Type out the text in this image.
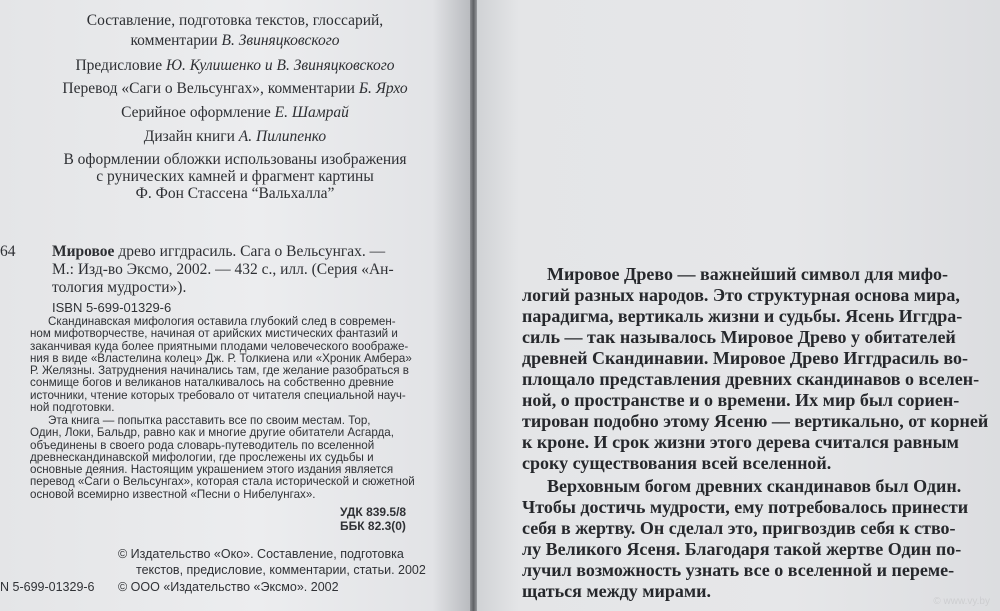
Составление, подготовка текстов, глоссарий,
комментарии В. Звиняцковского
Предисловие Ю. Кулишенко и В. Звиняцковского
Перевод «Саги о Вельсунгах», комментарии Б. Ярхо
Серийное оформление Е. Шамрай
Дизайн книги А. Пилипенко
В оформлении обложки использованы изображения
с рунических камней и фрагмент картины
Ф. Фон Стассена “Вальхалла”
64 Мировое древо иггдрасиль. Сага о Вельсунгах. —
М.: Изд-во Эксмо, 2002. — 432 с., илл. (Серия «Ан-
тология мудрости»).
ISBN 5-699-01329-6
Скандинавская мифология оставила глубокий след в современ-
ном мифотворчестве, начиная от арийских мистических фантазий и
заканчивая куда более приятными плодами человеческого воображе-
ния в виде «Властелина колец» Дж. Р. Толкиена или «Хроник Амбера»
Р. Желязны. Затруднения начинались там, где желание разобраться в
сонмище богов и великанов наталкивалось на собственно древние
источники, чтение которых требовало от читателя специальной науч-
ной подготовки.
Эта книга — попытка расставить все по своим местам. Тор,
Один, Локи, Бальдр, равно как и многие другие обитатели Асгарда,
объединены в своего рода словарь-путеводитель по вселенной
древнескандинавской мифологии, где прослежены их судьбы и
основные деяния. Настоящим украшением этого издания является
перевод «Саги о Вельсунгах», которая стала исторической и сюжетной
основой всемирно известной «Песни о Нибелунгах».
УДК 839.5/8
ББК 82.3(0)
© Издательство «Око». Составление, подготовка
текстов, предисловие, комментарии, статьи. 2002
N 5-699-01329-6 © ООО «Издательство «Эксмо». 2002
Мировое Древо — важнейший символ для мифо-
логий разных народов. Это структурная основа мира,
парадигма, вертикаль жизни и судьбы. Ясень Иггдра-
силь — так называлось Мировое Древо у обитателей
древней Скандинавии. Мировое Древо Иггдрасиль во-
площало представления древних скандинавов о вселен-
ной, о пространстве и о времени. Их мир был сориен-
тирован подобно этому Ясеню — вертикально, от корней
к кроне. И срок жизни этого дерева считался равным
сроку существования всей вселенной.
Верховным богом древних скандинавов был Один.
Чтобы достичь мудрости, ему потребовалось принести
себя в жертву. Он сделал это, пригвоздив себя к ство-
лу Великого Ясеня. Благодаря такой жертве Один по-
лучил возможность узнать все о вселенной и переме-
щаться между мирами.
© www.vy.by
